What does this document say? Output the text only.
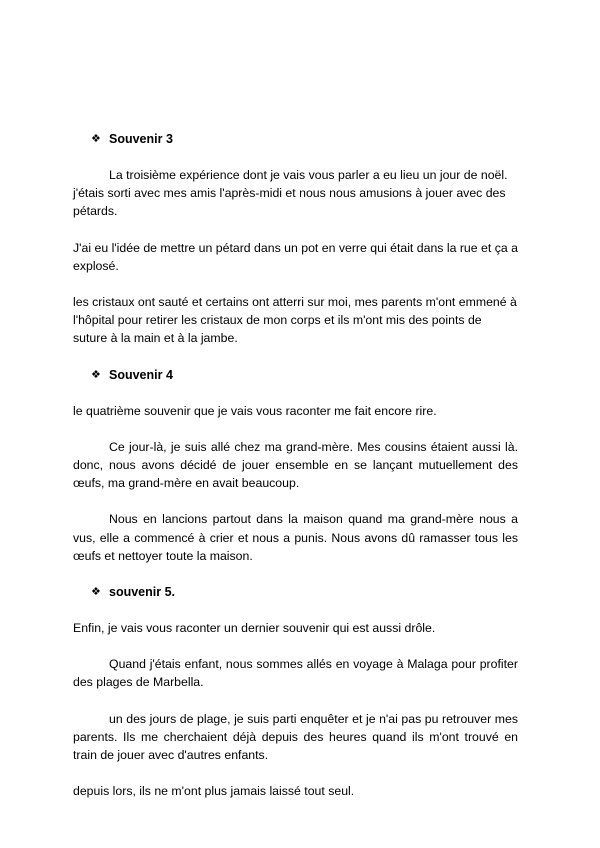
❖ Souvenir 3

La troisième expérience dont je vais vous parler a eu lieu un jour de noël. j'étais sorti avec mes amis l'après-midi et nous nous amusions à jouer avec des pétards.

J'ai eu l'idée de mettre un pétard dans un pot en verre qui était dans la rue et ça a explosé.

les cristaux ont sauté et certains ont atterri sur moi, mes parents m'ont emmené à l'hôpital pour retirer les cristaux de mon corps et ils m'ont mis des points de suture à la main et à la jambe.

❖ Souvenir 4

le quatrième souvenir que je vais vous raconter me fait encore rire.

Ce jour-là, je suis allé chez ma grand-mère. Mes cousins étaient aussi là. donc, nous avons décidé de jouer ensemble en se lançant mutuellement des œufs, ma grand-mère en avait beaucoup.

Nous en lancions partout dans la maison quand ma grand-mère nous a vus, elle a commencé à crier et nous a punis. Nous avons dû ramasser tous les œufs et nettoyer toute la maison.

❖ souvenir 5.

Enfin, je vais vous raconter un dernier souvenir qui est aussi drôle.

Quand j'étais enfant, nous sommes allés en voyage à Malaga pour profiter des plages de Marbella.

un des jours de plage, je suis parti enquêter et je n'ai pas pu retrouver mes parents. Ils me cherchaient déjà depuis des heures quand ils m'ont trouvé en train de jouer avec d'autres enfants.

depuis lors, ils ne m'ont plus jamais laissé tout seul.
